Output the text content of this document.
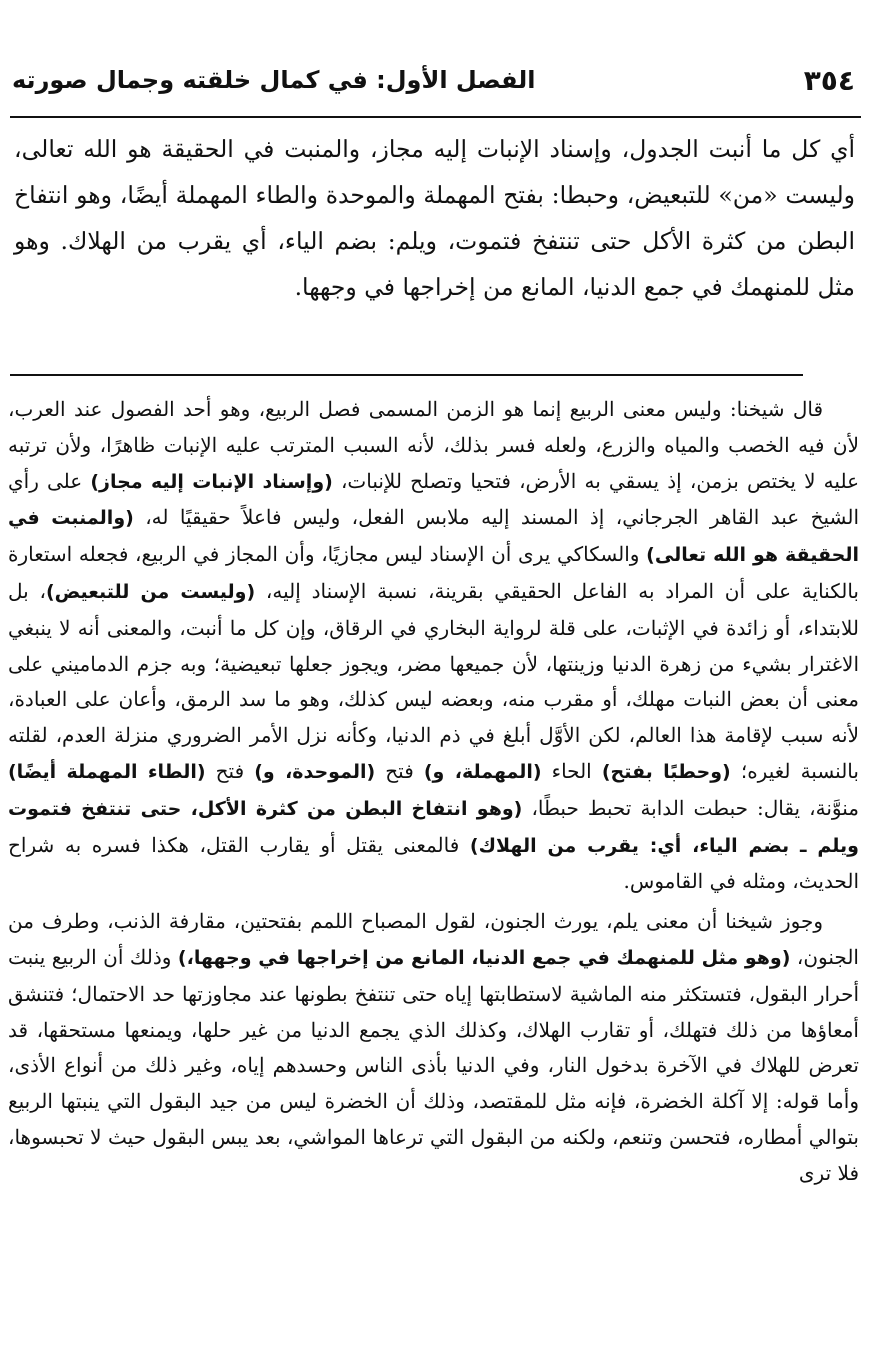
٣٥٤
الفصل الأول: في كمال خلقته وجمال صورته

أي كل ما أنبت الجدول، وإسناد الإنبات إليه مجاز، والمنبت في الحقيقة هو الله تعالى، وليست «من» للتبعيض، وحبطا: بفتح المهملة والموحدة والطاء المهملة أيضًا، وهو انتفاخ البطن من كثرة الأكل حتى تنتفخ فتموت، ويلم: بضم الياء، أي يقرب من الهلاك. وهو مثل للمنهمك في جمع الدنيا، المانع من إخراجها في وجهها.

قال شيخنا: وليس معنى الربيع إنما هو الزمن المسمى فصل الربيع، وهو أحد الفصول عند العرب، لأن فيه الخصب والمياه والزرع، ولعله فسر بذلك، لأنه السبب المترتب عليه الإنبات ظاهرًا، ولأن ترتبه عليه لا يختص بزمن، إذ يسقي به الأرض، فتحيا وتصلح للإنبات، (وإسناد الإنبات إليه مجاز) على رأي الشيخ عبد القاهر الجرجاني، إذ المسند إليه ملابس الفعل، وليس فاعلاً حقيقيًا له، (والمنبت في الحقيقة هو الله تعالى) والسكاكي يرى أن الإسناد ليس مجازيًا، وأن المجاز في الربيع، فجعله استعارة بالكناية على أن المراد به الفاعل الحقيقي بقرينة، نسبة الإسناد إليه، (وليست من للتبعيض)، بل للابتداء، أو زائدة في الإثبات، على قلة لرواية البخاري في الرقاق، وإن كل ما أنبت، والمعنى أنه لا ينبغي الاغترار بشيء من زهرة الدنيا وزينتها، لأن جميعها مضر، ويجوز جعلها تبعيضية؛ وبه جزم الدماميني على معنى أن بعض النبات مهلك، أو مقرب منه، وبعضه ليس كذلك، وهو ما سد الرمق، وأعان على العبادة، لأنه سبب لإقامة هذا العالم، لكن الأوَّل أبلغ في ذم الدنيا، وكأنه نزل الأمر الضروري منزلة العدم، لقلته بالنسبة لغيره؛ (وحطبًا بفتح) الحاء (المهملة، و) فتح (الموحدة، و) فتح (الطاء المهملة أيضًا) منوَّنة، يقال: حبطت الدابة تحبط حبطًا، (وهو انتفاخ البطن من كثرة الأكل، حتى تنتفخ فتموت ويلم ـ بضم الياء، أي: يقرب من الهلاك) فالمعنى يقتل أو يقارب القتل، هكذا فسره به شراح الحديث، ومثله في القاموس.

وجوز شيخنا أن معنى يلم، يورث الجنون، لقول المصباح اللمم بفتحتين، مقارفة الذنب، وطرف من الجنون، (وهو مثل للمنهمك في جمع الدنيا، المانع من إخراجها في وجهها،) وذلك أن الربيع ينبت أحرار البقول، فتستكثر منه الماشية لاستطابتها إياه حتى تنتفخ بطونها عند مجاوزتها حد الاحتمال؛ فتنشق أمعاؤها من ذلك فتهلك، أو تقارب الهلاك، وكذلك الذي يجمع الدنيا من غير حلها، ويمنعها مستحقها، قد تعرض للهلاك في الآخرة بدخول النار، وفي الدنيا بأذى الناس وحسدهم إياه، وغير ذلك من أنواع الأذى، وأما قوله: إلا آكلة الخضرة، فإنه مثل للمقتصد، وذلك أن الخضرة ليس من جيد البقول التي ينبتها الربيع بتوالي أمطاره، فتحسن وتنعم، ولكنه من البقول التي ترعاها المواشي، بعد يبس البقول حيث لا تحبسوها، فلا ترى
